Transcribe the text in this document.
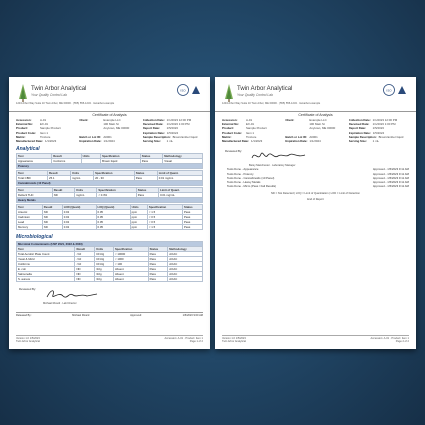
Twin Arbor Analytical
Your Quality Control Lab
ISO
1234 Arbor Way Suite 10 Twin Arbor, ME 00000 · (555) 555-1234 · twinarbor.example
Certificate of Analysis
Accession:	A-01	Client:	Example LLC	Collection Date: 1/1/2023 12:00 PM
External No:	EX-01	100 Main St	Received Date:	1/1/2023 1:00 PM
Product:	Sample Product	Anytown, ME 00000	Report Date:	1/5/2023
Product Code:	Item 1	Expiration Date: 1/5/2024
Matrix:	Tincture	Batch or Lot ID: A0001	Sample Description: Brown/amber liquid
Manufactured Date: 1/1/2023	Expiration Date: 1/1/2024	Serving Size:	1 mL
Analytical
Test	Result	Units	Specification	Status	Methodology
Appearance	Conforms		Brown liquid	Pass	Visual
Potency					
Test	Result	Units	Specification	Status	Limit of Quant.
Total CBD	25.1	mg/mL	20 - 30	Pass	0.01 mg/mL
Cannabinoids (10 Panel)					
Test	Result	Units	Specification	Status	Limit of Quant.
Delta-9 THC	ND	mg/mL	< 0.3%	Pass	0.01 mg/mL
Heavy Metals					
Test	Result	LOD (Quant)	LOQ (Quant)	Units	Specification	Status
Arsenic	ND	0.02	0.05	ppm	< 1.5	Pass
Cadmium	ND	0.02	0.05	ppm	< 0.5	Pass
Lead	ND	0.02	0.05	ppm	< 0.5	Pass
Mercury	ND	0.02	0.05	ppm	< 1.5	Pass
Microbiological
Microbial Contaminants (USP 2021, 2022 & 2023)					
Test	Result	Units	Specification	Status	Methodology
Total Aerobic Plate Count	<10	CFU/g	< 10000	Pass	AOAC
Yeast & Mold	<10	CFU/g	< 1000	Pass	AOAC
Coliforms	<10	CFU/g	< 100	Pass	AOAC
E. coli	ND	/10g	Absent	Pass	AOAC
Salmonella	ND	/10g	Absent	Pass	AOAC
S. aureus	ND	/10g	Absent	Pass	AOAC
Reviewed By:
Michael Ricard · Lab Director
Released By:	Michael Ricard	Approved:	1/5/2023 9:00 AM
Version 1.0 1/5/2023
Twin Arbor Analytical
Accession: A-01 · Product: Item 1
Page 1 of 2
Twin Arbor Analytical
Your Quality Control Lab
ISO
1234 Arbor Way Suite 10 Twin Arbor, ME 00000 · (555) 555-1234 · twinarbor.example
Certificate of Analysis
Accession:	A-01	Client:	Example LLC	Collection Date: 1/1/2023 12:00 PM
External No:	EX-01	100 Main St	Received Date:	1/1/2023 1:00 PM
Product:	Sample Product	Anytown, ME 00000	Report Date:	1/5/2023
Product Code:	Item 1	Expiration Date: 1/5/2024
Matrix:	Tincture	Batch or Lot ID: A0001	Sample Description: Brown/amber liquid
Manufactured Date: 1/1/2023	Expiration Date: 1/1/2024	Serving Size:	1 mL
Reviewed By:
Betsy Manchester · Laboratory Manager
Tests Done - Appearance	Approved - 1/5/2023 9:11 AM
Tests Done - Potency	Approved - 1/5/2023 9:11 AM
Tests Done - Cannabinoids (10 Panel)	Approved - 1/5/2023 9:11 AM
Tests Done - Heavy Metals	Approved - 1/5/2023 9:11 AM
Tests Done - Micro (Pass / Fail Results)	Approved - 1/5/2023 9:11 AM
ND = Not Detected | LOQ = Limit of Quantitation | LOD = Limit of Detection
End of Report
Version 1.0 1/5/2023
Twin Arbor Analytical
Accession: A-01 · Product: Item 1
Page 2 of 2
